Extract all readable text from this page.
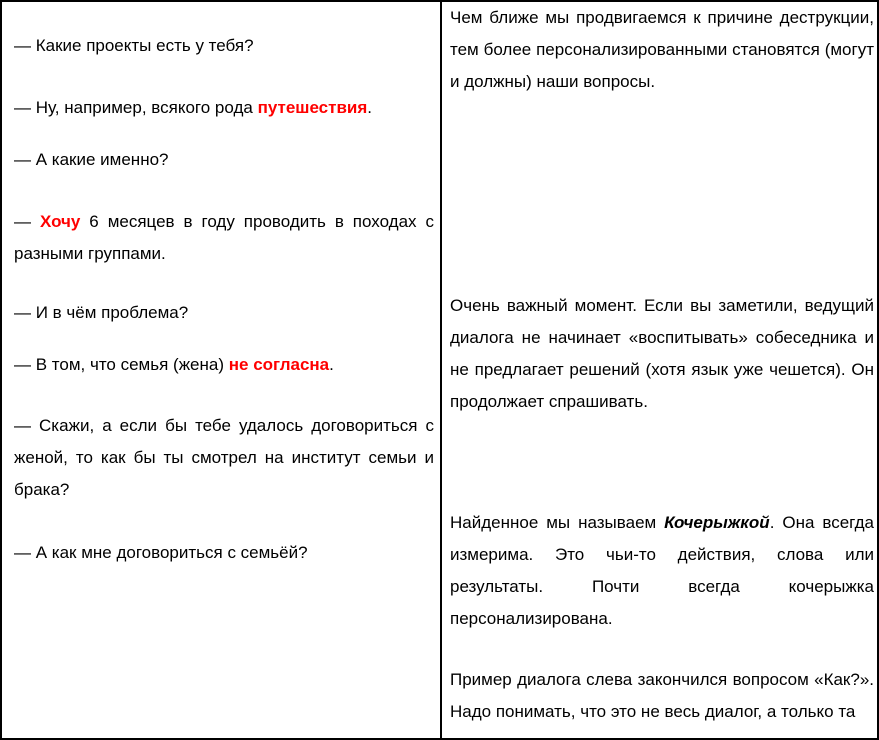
— Какие проекты есть у тебя?

— Ну, например, всякого рода путешествия.

— А какие именно?

— Хочу 6 месяцев в году проводить в походах с разными группами.

— И в чём проблема?

— В том, что семья (жена) не согласна.

— Скажи, а если бы тебе удалось договориться с женой, то как бы ты смотрел на институт семьи и брака?

— А как мне договориться с семьёй?

Чем ближе мы продвигаемся к причине деструкции, тем более персонализированными становятся (могут и должны) наши вопросы.

Очень важный момент. Если вы заметили, ведущий диалога не начинает «воспитывать» собеседника и не предлагает решений (хотя язык уже чешется). Он продолжает спрашивать.

Найденное мы называем Кочерыжкой. Она всегда измерима. Это чьи-то действия, слова или результаты. Почти всегда кочерыжка персонализирована.

Пример диалога слева закончился вопросом «Как?». Надо понимать, что это не весь диалог, а только та
